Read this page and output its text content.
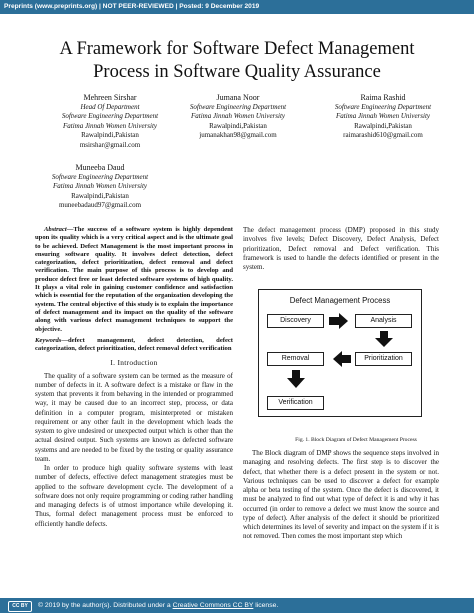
Preprints (www.preprints.org) | NOT PEER-REVIEWED | Posted: 9 December 2019
A Framework for Software Defect Management
Process in Software Quality Assurance
Mehreen Sirshar
Head Of Department
Software Engineering Department
Fatima Jinnah Women University
Rawalpindi,Pakistan
msirshar@gmail.com
Jumana Noor
Software Engineering Department
Fatima Jinnah Women University
Rawalpindi,Pakistan
jumanakhan98@gmail.com
Raima Rashid
Software Engineering Department
Fatima Jinnah Women University
Rawalpindi,Pakistan
raimarashid610@gmail.com
Muneeba Daud
Software Engineering Department
Fatima Jinnah Women University
Rawalpindi,Pakistan
muneebadaud97@gmail.com
Abstract—The success of a software system is highly dependent upon its quality which is a very critical aspect and is the ultimate goal to be achieved. Defect Management is the most important process in ensuring software quality. It involves defect detection, defect categorization, defect prioritization, defect removal and defect verification. The main purpose of this process is to develop and produce defect free or least defected software systems of high quality. It plays a vital role in gaining customer confidence and satisfaction which is essential for the reputation of the organization developing the system. The central objective of this study is to explain the importance of defect management and its impact on the quality of the software along with various defect management techniques to support the objective.
Keywords—defect management, defect detection, defect categorization, defect prioritization, defect removal defect verification
I. Introduction
The quality of a software system can be termed as the measure of number of defects in it. A software defect is a mistake or flaw in the system that prevents it from behaving in the intended or programmed way, it may be caused due to an incorrect step, process, or data definition in a computer program, misinterpreted or mistaken requirement or any other fault in the development which leads the system to give undesired or unexpected output which is other than the actual desired output. Such systems are known as defected software systems and are needed to be fixed by the testing or quality assurance team.
In order to produce high quality software systems with least number of defects, effective defect management strategies must be applied to the software development cycle. The development of a software does not only require programming or coding rather handling and managing defects is of utmost importance while developing it. Thus, formal defect management process must be enforced to efficiently handle defects.
The defect management process (DMP) proposed in this study involves five levels; Defect Discovery, Defect Analysis, Defect prioritization, Defect removal and Defect verification. This framework is used to handle the defects identified or present in the system.
Defect Management Process
Discovery	Analysis
Removal	Prioritization
Verification
Fig. 1. Block Diagram of Defect Management Process
The Block diagram of DMP shows the sequence steps involved in managing and resolving defects. The first step is to discover the defect, that whether there is a defect present in the system or not. Various techniques can be used to discover a defect for example alpha or beta testing of the system. Once the defect is discovered, it must be analyzed to find out what type of defect it is and why it has occurred (in order to remove a defect we must know the source and type of defect). After analysis of the defect it should be prioritized which determines its level of severity and impact on the system if it is not removed. Then comes the most important step which
CC BY	© 2019 by the author(s). Distributed under a Creative Commons CC BY license.
